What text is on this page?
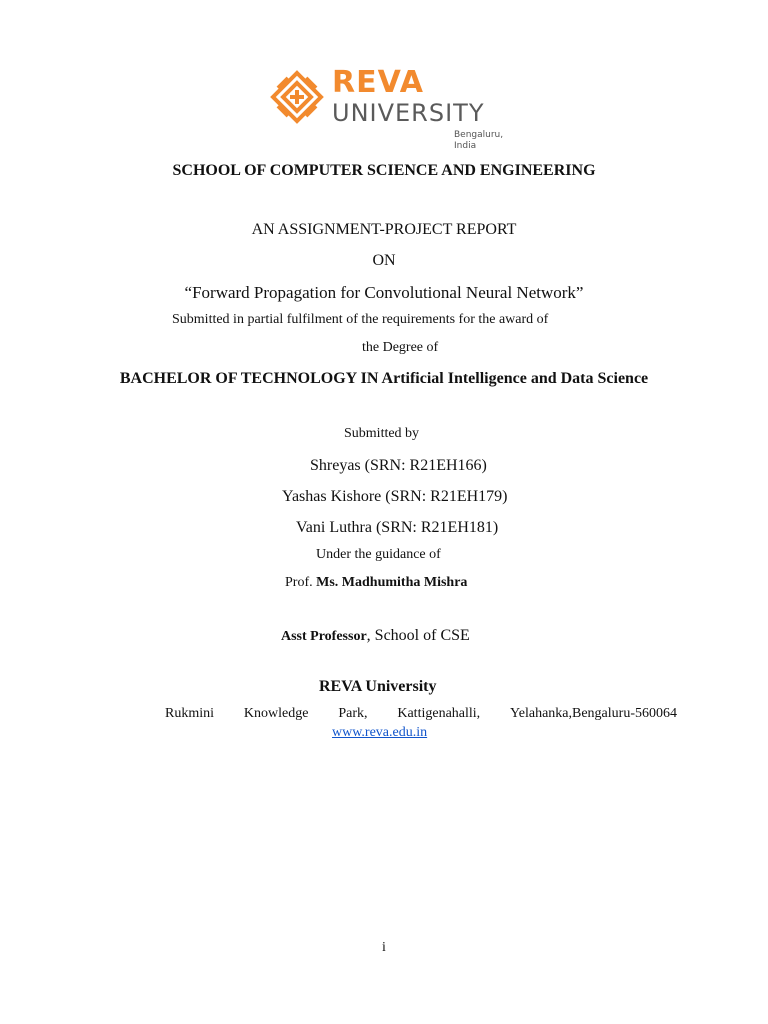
REVA
UNIVERSITY
Bengaluru, India
SCHOOL OF COMPUTER SCIENCE AND ENGINEERING
AN ASSIGNMENT-PROJECT REPORT
ON
“Forward Propagation for Convolutional Neural Network”
Submitted in partial fulfilment of the requirements for the award of
the Degree of
BACHELOR OF TECHNOLOGY IN Artificial Intelligence and Data Science
Submitted by
Shreyas (SRN: R21EH166)
Yashas Kishore (SRN: R21EH179)
Vani Luthra (SRN: R21EH181)
Under the guidance of
Prof. Ms. Madhumitha Mishra
Asst Professor, School of CSE
REVA University
Rukmini Knowledge Park, Kattigenahalli, Yelahanka,Bengaluru-560064
www.reva.edu.in
i
